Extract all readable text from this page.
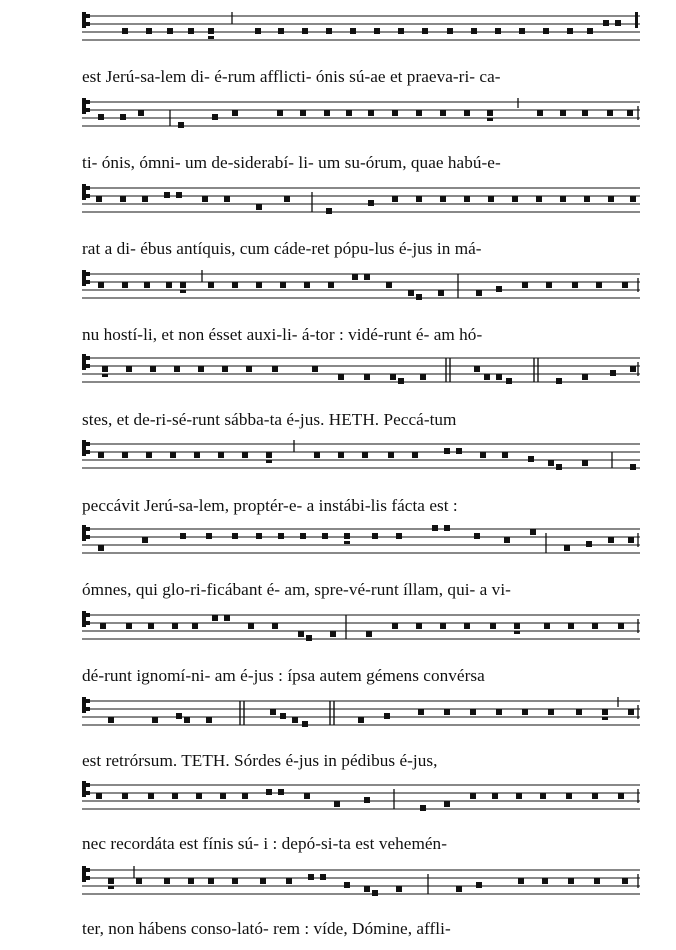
est Jerú-sa-lem di- é-rum afflicti- ónis sú-ae et praeva-ri- ca-
ti- ónis, ómni- um de-siderabí- li- um su-órum, quae habú-e-
rat a di- ébus antíquis, cum cáde-ret pópu-lus é-jus in má-
nu hostí-li, et non ésset auxi-li- á-tor : vidé-runt é- am hó-
stes, et de-ri-sé-runt sábba-ta é-jus. HETH. Peccá-tum
peccávit Jerú-sa-lem, proptér-e- a instábi-lis fácta est :
ómnes, qui glo-ri-ficábant é- am, spre-vé-runt íllam, qui- a vi-
dé-runt ignomí-ni- am é-jus : ípsa autem gémens convérsa
est retrórsum. TETH. Sórdes é-jus in pédibus é-jus,
nec recordáta est fínis sú- i : depó-si-ta est vehemén-
ter, non hábens conso-lató- rem : víde, Dómine, affli-
